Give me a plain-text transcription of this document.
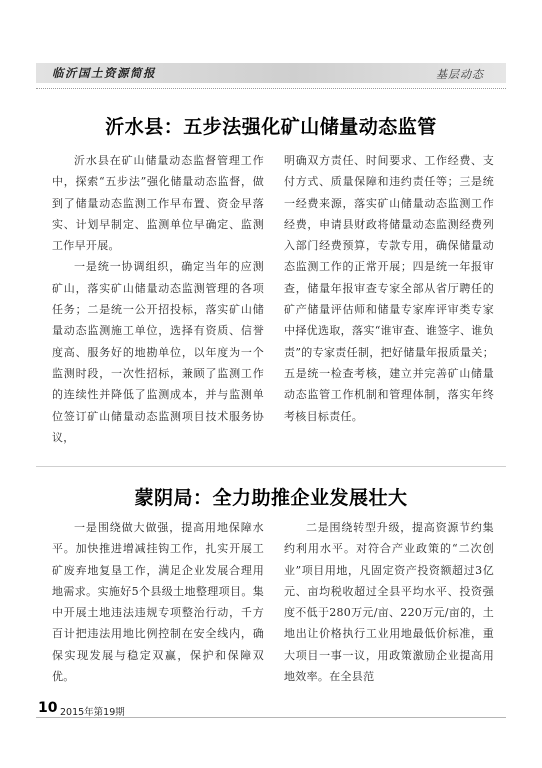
临沂国土资源简报	基层动态
沂水县：五步法强化矿山储量动态监管

沂水县在矿山储量动态监督管理工作中，探索“五步法”强化储量动态监督，做到了储量动态监测工作早布置、资金早落实、计划早制定、监测单位早确定、监测工作早开展。

一是统一协调组织，确定当年的应测矿山，落实矿山储量动态监测管理的各项任务；二是统一公开招投标，落实矿山储量动态监测施工单位，选择有资质、信誉度高、服务好的地勘单位，以年度为一个监测时段，一次性招标，兼顾了监测工作的连续性并降低了监测成本，并与监测单位签订矿山储量动态监测项目技术服务协议，

明确双方责任、时间要求、工作经费、支付方式、质量保障和违约责任等；三是统一经费来源，落实矿山储量动态监测工作经费，申请县财政将储量动态监测经费列入部门经费预算，专款专用，确保储量动态监测工作的正常开展；四是统一年报审查，储量年报审查专家全部从省厅聘任的矿产储量评估师和储量专家库评审类专家中择优选取，落实“谁审查、谁签字、谁负责”的专家责任制，把好储量年报质量关；五是统一检查考核，建立并完善矿山储量动态监管工作机制和管理体制，落实年终考核目标责任。

蒙阴局：全力助推企业发展壮大

一是围绕做大做强，提高用地保障水平。加快推进增减挂钩工作，扎实开展工矿废弃地复垦工作，满足企业发展合理用地需求。实施好5个县级土地整理项目。集中开展土地违法违规专项整治行动，千方百计把违法用地比例控制在安全线内，确保实现发展与稳定双赢，保护和保障双优。

二是围绕转型升级，提高资源节约集约利用水平。对符合产业政策的“二次创业”项目用地，凡固定资产投资额超过3亿元、亩均税收超过全县平均水平、投资强度不低于280万元/亩、220万元/亩的，土地出让价格执行工业用地最低价标准，重大项目一事一议，用政策激励企业提高用地效率。在全县范

10 2015年第19期
